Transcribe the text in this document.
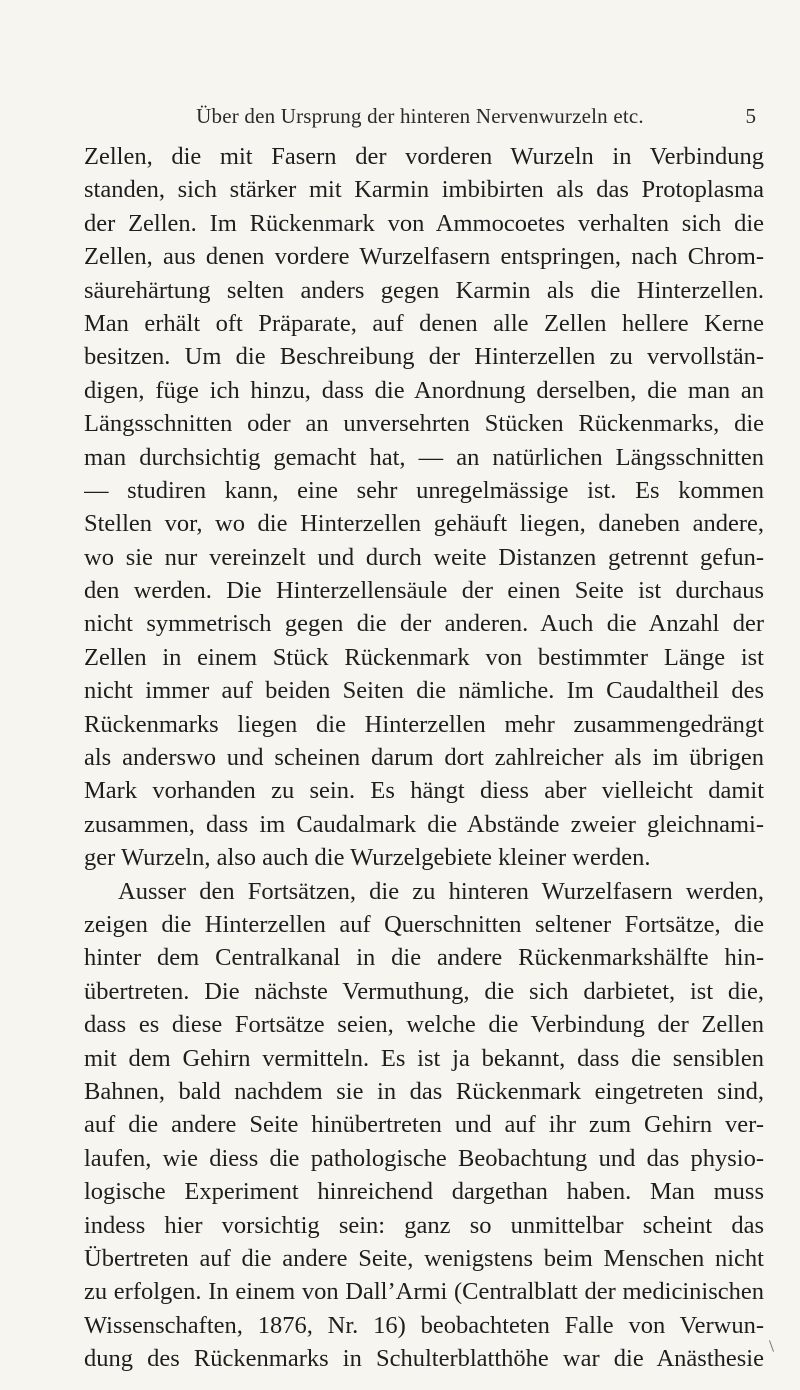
Über den Ursprung der hinteren Nervenwurzeln etc.	5
Zellen, die mit Fasern der vorderen Wurzeln in Verbindung
standen, sich stärker mit Karmin imbibirten als das Protoplasma
der Zellen. Im Rückenmark von Ammocoetes verhalten sich die
Zellen, aus denen vordere Wurzelfasern entspringen, nach Chrom-
säurehärtung selten anders gegen Karmin als die Hinterzellen.
Man erhält oft Präparate, auf denen alle Zellen hellere Kerne
besitzen. Um die Beschreibung der Hinterzellen zu vervollstän-
digen, füge ich hinzu, dass die Anordnung derselben, die man an
Längsschnitten oder an unversehrten Stücken Rückenmarks, die
man durchsichtig gemacht hat, — an natürlichen Längsschnitten
— studiren kann, eine sehr unregelmässige ist. Es kommen
Stellen vor, wo die Hinterzellen gehäuft liegen, daneben andere,
wo sie nur vereinzelt und durch weite Distanzen getrennt gefun-
den werden. Die Hinterzellensäule der einen Seite ist durchaus
nicht symmetrisch gegen die der anderen. Auch die Anzahl der
Zellen in einem Stück Rückenmark von bestimmter Länge ist
nicht immer auf beiden Seiten die nämliche. Im Caudaltheil des
Rückenmarks liegen die Hinterzellen mehr zusammengedrängt
als anderswo und scheinen darum dort zahlreicher als im übrigen
Mark vorhanden zu sein. Es hängt diess aber vielleicht damit
zusammen, dass im Caudalmark die Abstände zweier gleichnami-
ger Wurzeln, also auch die Wurzelgebiete kleiner werden.
Ausser den Fortsätzen, die zu hinteren Wurzelfasern werden,
zeigen die Hinterzellen auf Querschnitten seltener Fortsätze, die
hinter dem Centralkanal in die andere Rückenmarkshälfte hin-
übertreten. Die nächste Vermuthung, die sich darbietet, ist die,
dass es diese Fortsätze seien, welche die Verbindung der Zellen
mit dem Gehirn vermitteln. Es ist ja bekannt, dass die sensiblen
Bahnen, bald nachdem sie in das Rückenmark eingetreten sind,
auf die andere Seite hinübertreten und auf ihr zum Gehirn ver-
laufen, wie diess die pathologische Beobachtung und das physio-
logische Experiment hinreichend dargethan haben. Man muss
indess hier vorsichtig sein: ganz so unmittelbar scheint das
Übertreten auf die andere Seite, wenigstens beim Menschen nicht
zu erfolgen. In einem von Dall’Armi (Centralblatt der medicinischen
Wissenschaften, 1876, Nr. 16) beobachteten Falle von Verwun-
dung des Rückenmarks in Schulterblatthöhe war die Anästhesie
